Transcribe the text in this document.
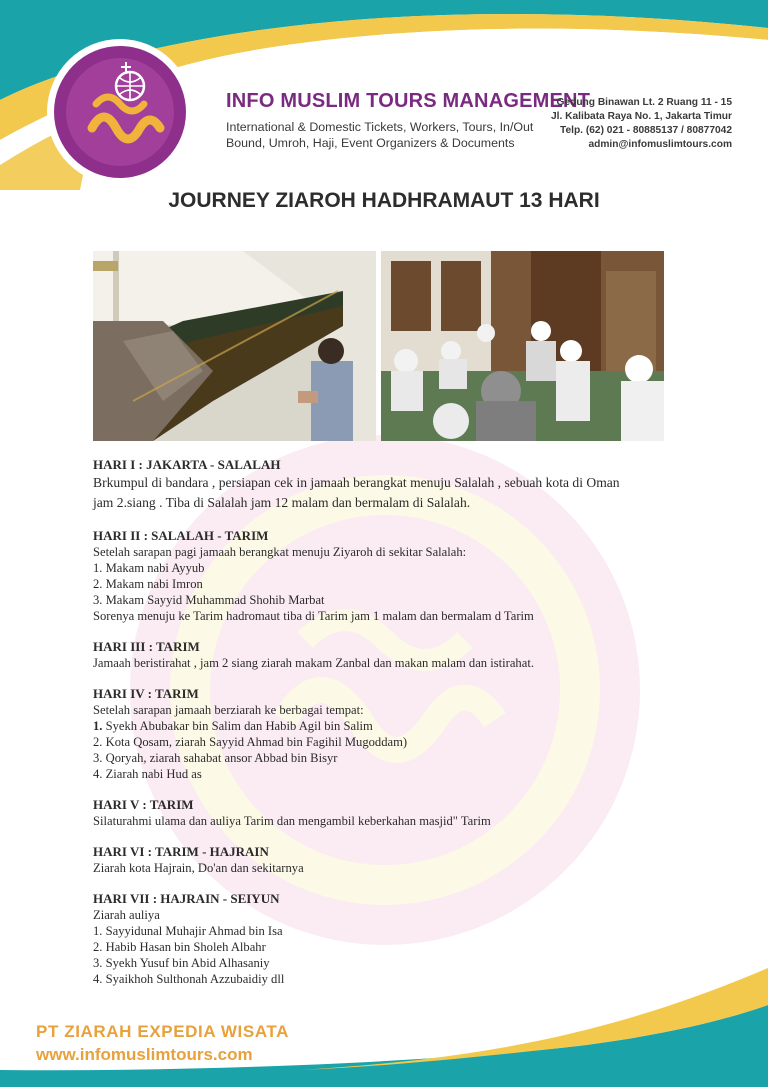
INFO MUSLIM TOURS MANAGEMENT
International & Domestic Tickets, Workers, Tours, In/Out
Bound, Umroh, Haji, Event Organizers & Documents
Gedung Binawan Lt. 2 Ruang 11 - 15
Jl. Kalibata Raya No. 1, Jakarta Timur
Telp. (62) 021 - 80885137 / 80877042
admin@infomuslimtours.com
JOURNEY ZIAROH HADHRAMAUT 13 HARI

HARI I : JAKARTA - SALALAH

Brkumpul di bandara , persiapan cek in jamaah berangkat menuju Salalah , sebuah kota di Oman

jam 2.siang . Tiba di Salalah jam 12 malam dan bermalam di Salalah.

HARI II : SALALAH - TARIM

Setelah sarapan pagi jamaah berangkat menuju Ziyaroh di sekitar Salalah:

1. Makam nabi Ayyub

2. Makam nabi Imron

3. Makam Sayyid Muhammad Shohib Marbat

Sorenya menuju ke Tarim hadromaut tiba di Tarim jam 1 malam dan bermalam d Tarim

HARI III : TARIM

Jamaah beristirahat , jam 2 siang ziarah makam Zanbal dan makan malam dan istirahat.

HARI IV : TARIM

Setelah sarapan jamaah berziarah ke berbagai tempat:

1. Syekh Abubakar bin Salim dan Habib Agil bin Salim

2. Kota Qosam, ziarah Sayyid Ahmad bin Fagihil Mugoddam)

3. Qoryah, ziarah sahabat ansor Abbad bin Bisyr

4. Ziarah nabi Hud as

HARI V : TARIM

Silaturahmi ulama dan auliya Tarim dan mengambil keberkahan masjid" Tarim

HARI VI : TARIM - HAJRAIN

Ziarah kota Hajrain, Do'an dan sekitarnya

HARI VII : HAJRAIN - SEIYUN

Ziarah auliya

1. Sayyidunal Muhajir Ahmad bin Isa

2. Habib Hasan bin Sholeh Albahr

3. Syekh Yusuf bin Abid Alhasaniy

4. Syaikhoh Sulthonah Azzubaidiy dll

PT ZIARAH EXPEDIA WISATA
www.infomuslimtours.com
